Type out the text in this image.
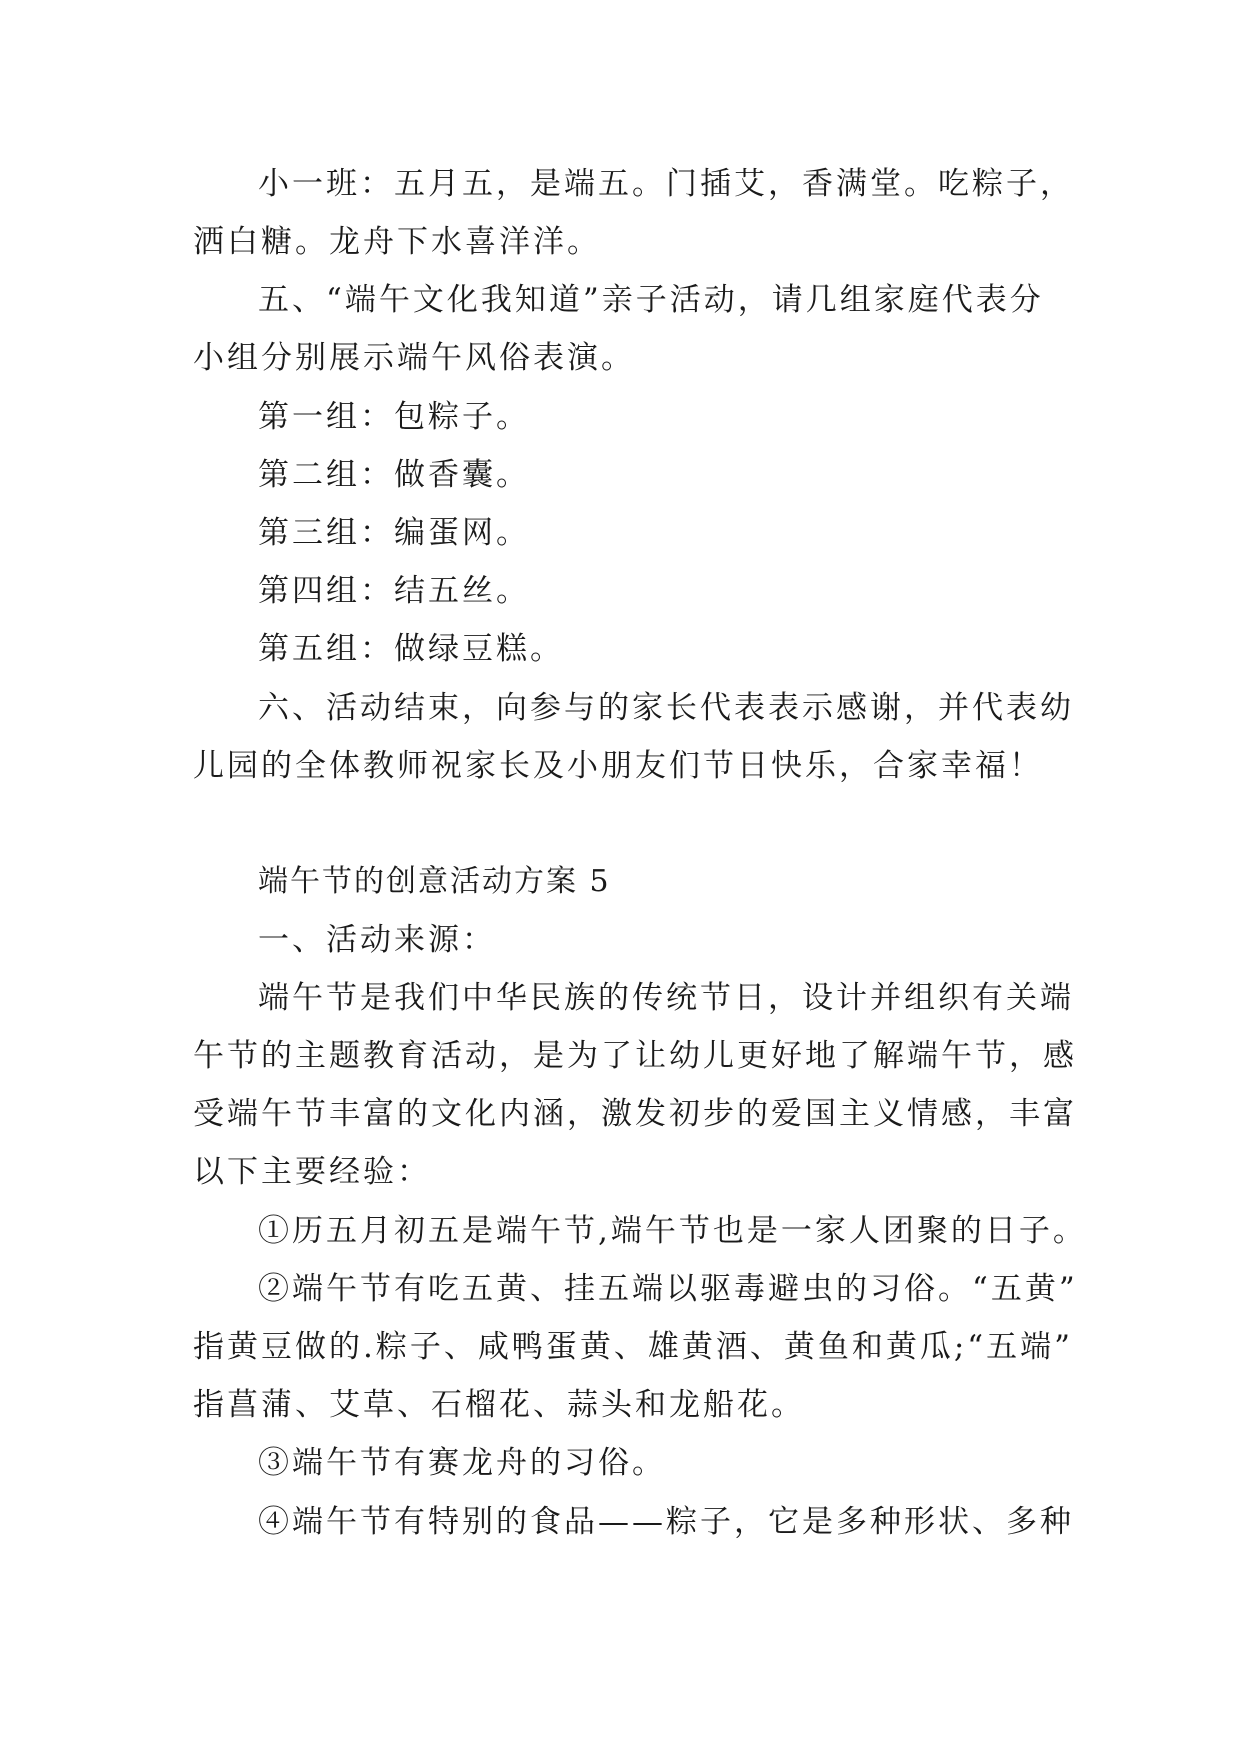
小一班：五月五，是端五。门插艾，香满堂。吃粽子，

洒白糖。龙舟下水喜洋洋。

五、“端午文化我知道”亲子活动，请几组家庭代表分

小组分别展示端午风俗表演。

第一组：包粽子。

第二组：做香囊。

第三组：编蛋网。

第四组：结五丝。

第五组：做绿豆糕。

六、活动结束，向参与的家长代表表示感谢，并代表幼

儿园的全体教师祝家长及小朋友们节日快乐，合家幸福！

端午节的创意活动方案 5

一、活动来源：

端午节是我们中华民族的传统节日，设计并组织有关端

午节的主题教育活动，是为了让幼儿更好地了解端午节，感

受端午节丰富的文化内涵，激发初步的爱国主义情感，丰富

以下主要经验：

①历五月初五是端午节,端午节也是一家人团聚的日子。

②端午节有吃五黄、挂五端以驱毒避虫的习俗。“五黄”

指黄豆做的.粽子、咸鸭蛋黄、雄黄酒、黄鱼和黄瓜;“五端”

指菖蒲、艾草、石榴花、蒜头和龙船花。

③端午节有赛龙舟的习俗。

④端午节有特别的食品——粽子，它是多种形状、多种
